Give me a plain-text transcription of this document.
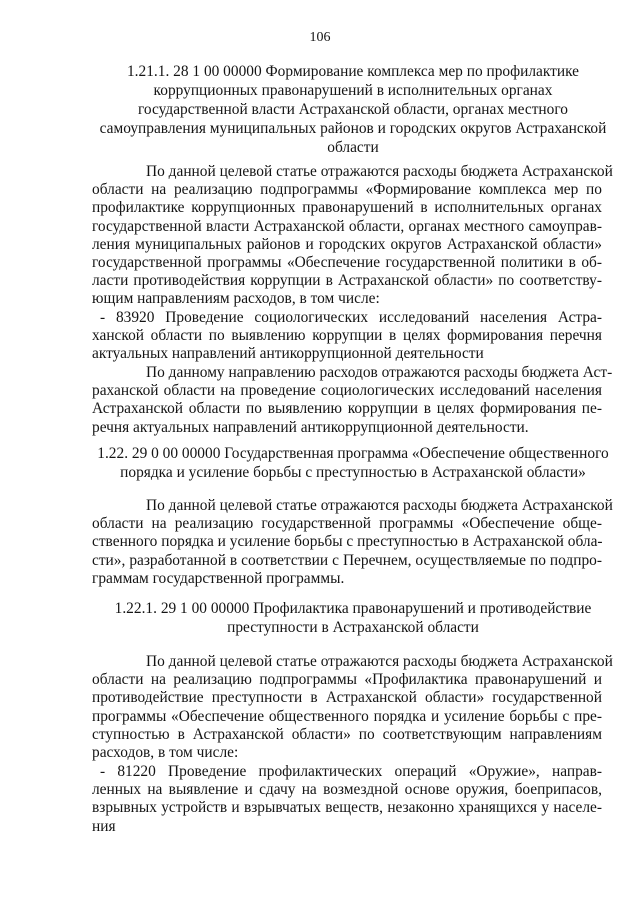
106
1.21.1. 28 1 00 00000 Формирование комплекса мер по профилактике
коррупционных правонарушений в исполнительных органах
государственной власти Астраханской области, органах местного
самоуправления муниципальных районов и городских округов Астраханской
области
По данной целевой статье отражаются расходы бюджета Астраханской
области на реализацию подпрограммы «Формирование комплекса мер по
профилактике коррупционных правонарушений в исполнительных органах
государственной власти Астраханской области, органах местного самоуправ-
ления муниципальных районов и городских округов Астраханской области»
государственной программы «Обеспечение государственной политики в об-
ласти противодействия коррупции в Астраханской области» по соответству-
ющим направлениям расходов, в том числе:
- 83920 Проведение социологических исследований населения Астра-
ханской области по выявлению коррупции в целях формирования перечня
актуальных направлений антикоррупционной деятельности
По данному направлению расходов отражаются расходы бюджета Аст-
раханской области на проведение социологических исследований населения
Астраханской области по выявлению коррупции в целях формирования пе-
речня актуальных направлений антикоррупционной деятельности.
1.22. 29 0 00 00000 Государственная программа «Обеспечение общественного
порядка и усиление борьбы с преступностью в Астраханской области»
По данной целевой статье отражаются расходы бюджета Астраханской
области на реализацию государственной программы «Обеспечение обще-
ственного порядка и усиление борьбы с преступностью в Астраханской обла-
сти», разработанной в соответствии с Перечнем, осуществляемые по подпро-
граммам государственной программы.
1.22.1. 29 1 00 00000 Профилактика правонарушений и противодействие
преступности в Астраханской области
По данной целевой статье отражаются расходы бюджета Астраханской
области на реализацию подпрограммы «Профилактика правонарушений и
противодействие преступности в Астраханской области» государственной
программы «Обеспечение общественного порядка и усиление борьбы с пре-
ступностью в Астраханской области» по соответствующим направлениям
расходов, в том числе:
- 81220 Проведение профилактических операций «Оружие», направ-
ленных на выявление и сдачу на возмездной основе оружия, боеприпасов,
взрывных устройств и взрывчатых веществ, незаконно хранящихся у населе-
ния
